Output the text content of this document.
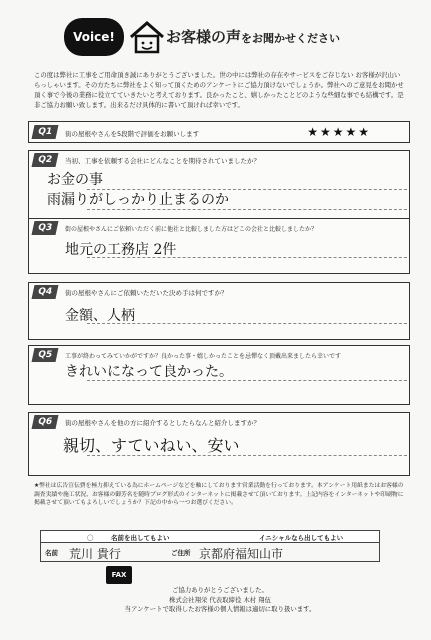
Voice!	お客様の声をお聞かせください
この度は弊社に工事をご用命頂き誠にありがとうございました。世の中には弊社の存在やサービスをご存じない お客様が沢山いらっしゃいます。その方たちに弊社をよく知って頂くためのアンケートにご協力頂けないでしょうか。弊社へのご意見をお聞かせ頂く事で今後の業務に役立てていきたいと考えております。良かったこと、嬉しかったことどのような些細な事でも結構です。是非ご協力お願い致します。出来るだけ具体的に書いて頂ければ幸いです。
Q1	街の屋根やさんを5段階で評価をお願いします	★★★★★
Q2	当初、工事を依頼する会社にどんなことを期待されていましたか？
お金の事
雨漏りがしっかり止まるのか
Q3	街の屋根やさんにご依頼いただく前に他社と比較しました方はどこの会社と比較しましたか？
地元の工務店 2件
Q4	街の屋根やさんにご依頼いただいた決め手は何ですか？
金額、人柄
Q5	工事が終わってみていかがですか？良かった事・嬉しかったことを忌憚なく頂戴出来ましたら幸いです
きれいになって良かった。
Q6	街の屋根やさんを他の方に紹介するとしたらなんと紹介しますか？
親切、すていねい、安い
★弊社は広告宣伝費を極力抑えている為にホームページなどを軸にしております営業活動を行っております。本アンケート用紙またはお客様の調査実績や施工状況、お客様の御芳名を随時ブログ形式のインターネットに掲載させて頂いております。上記内容をインターネットや印刷物に掲載させて頂いてもよろしいでしょうか？下記の中から一つお選びください。
〇	名前を出してもよい	イニシャルなら出してもよい
名前 荒川 貴行	ご住所 京都府福知山市
FAX
ご協力ありがとうございました。
株式会社翔栄 代表取締役 木村 翔伍
当アンケートで取得したお客様の個人情報は適切に取り扱います。
